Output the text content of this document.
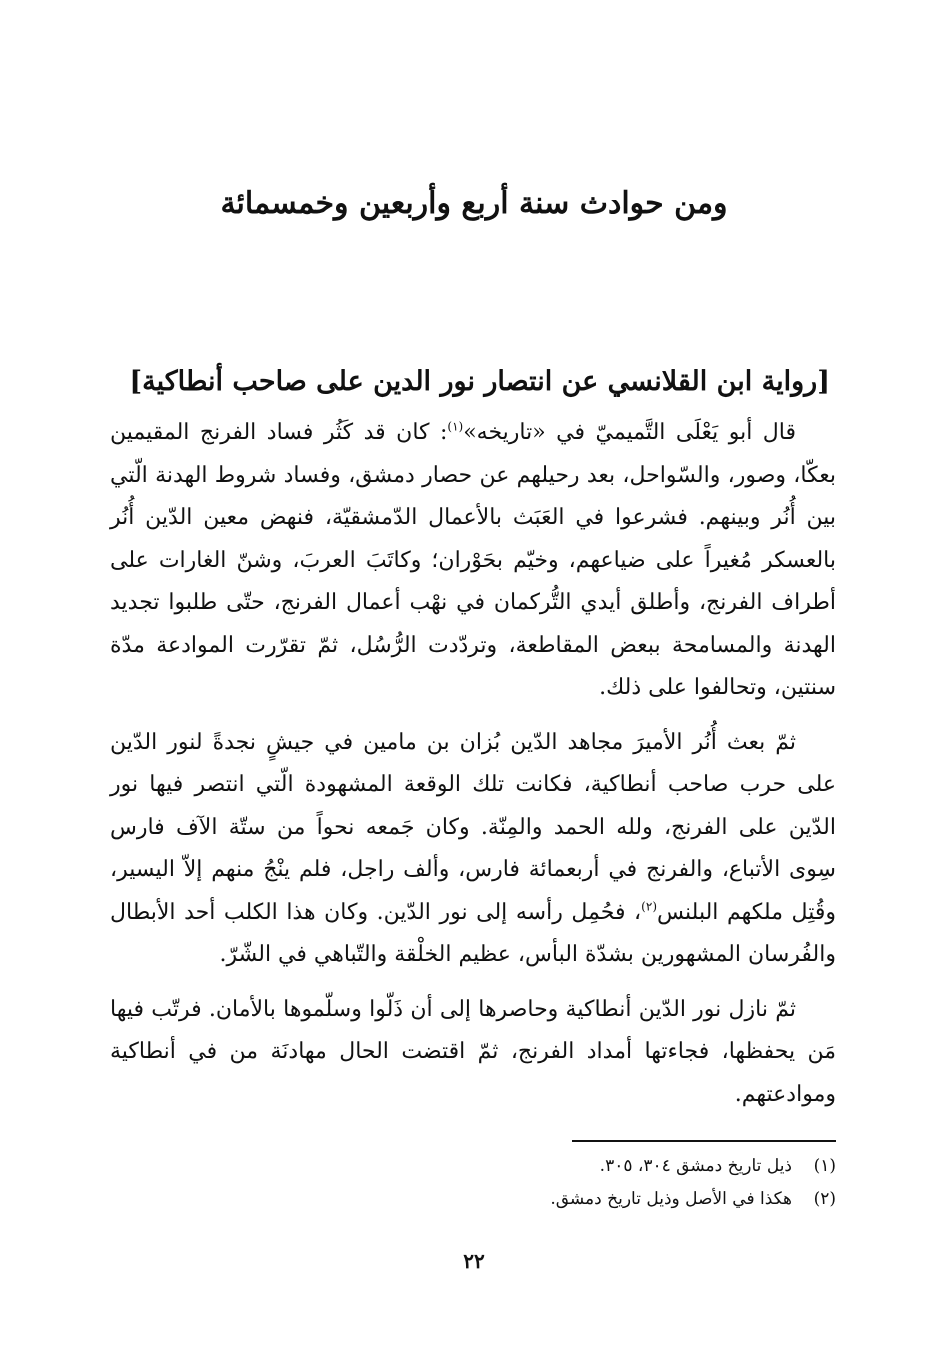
ومن حوادث سنة أربع وأربعين وخمسمائة
[رواية ابن القلانسي عن انتصار نور الدين على صاحب أنطاكية]

قال أبو يَعْلَى التَّميميّ في «تاريخه»$^{(١)}$: كان قد كَثُر فساد الفرنج المقيمين بعكّا، وصور، والسّواحل، بعد رحيلهم عن حصار دمشق، وفساد شروط الهدنة الّتي بين أُنُر وبينهم. فشرعوا في العَبَث بالأعمال الدّمشقيّة، فنهض معين الدّين أُنُر بالعسكر مُغيراً على ضياعهم، وخيّم بحَوْران؛ وكاتَبَ العربَ، وشنّ الغارات على أطراف الفرنج، وأطلق أيدي التُّركمان في نهْب أعمال الفرنج، حتّى طلبوا تجديد الهدنة والمسامحة ببعض المقاطعة، وتردّدت الرُّسُل، ثمّ تقرّرت الموادعة مدّة سنتين، وتحالفوا على ذلك.

ثمّ بعث أُنُر الأميرَ مجاهد الدّين بُزان بن مامين في جيشٍ نجدةً لنور الدّين على حرب صاحب أنطاكية، فكانت تلك الوقعة المشهودة الّتي انتصر فيها نور الدّين على الفرنج، ولله الحمد والمِنّة. وكان جَمعه نحواً من ستّة الآف فارس سِوى الأتباع، والفرنج في أربعمائة فارس، وألف راجل، فلم ينْجُ منهم إلاّ اليسير، وقُتِل ملكهم البلنس$^{(٢)}$، فحُمِل رأسه إلى نور الدّين. وكان هذا الكلب أحد الأبطال والفُرسان المشهورين بشدّة البأس، عظيم الخلْقة والتّباهي في الشّرّ.

ثمّ نازل نور الدّين أنطاكية وحاصرها إلى أن ذَلّوا وسلّموها بالأمان. فرتّب فيها مَن يحفظها، فجاءتها أمداد الفرنج، ثمّ اقتضت الحال مهادنَة من في أنطاكية وموادعتهم.

(١)ذيل تاريخ دمشق ٣٠٤، ٣٠٥.
(٢)هكذا في الأصل وذيل تاريخ دمشق.
٢٢
